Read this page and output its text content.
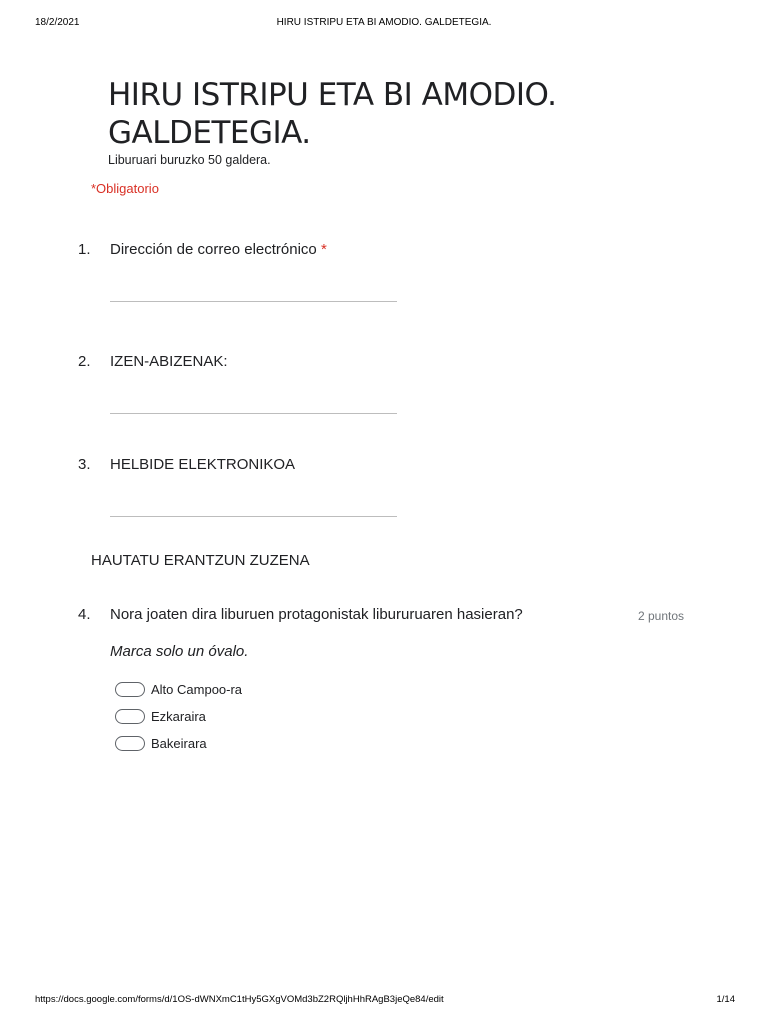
18/2/2021	HIRU ISTRIPU ETA BI AMODIO. GALDETEGIA.
HIRU ISTRIPU ETA BI AMODIO. GALDETEGIA.
Liburuari buruzko 50 galdera.
*Obligatorio
1. Dirección de correo electrónico *
2. IZEN-ABIZENAK:
3. HELBIDE ELEKTRONIKOA
HAUTATU ERANTZUN ZUZENA
4. Nora joaten dira liburuen protagonistak libururuaren hasieran?	2 puntos
Marca solo un óvalo.
Alto Campoo-ra
Ezkaraira
Bakeirara
https://docs.google.com/forms/d/1OS-dWNXmC1tHy5GXgVOMd3bZ2RQljhHhRAgB3jeQe84/edit	1/14
